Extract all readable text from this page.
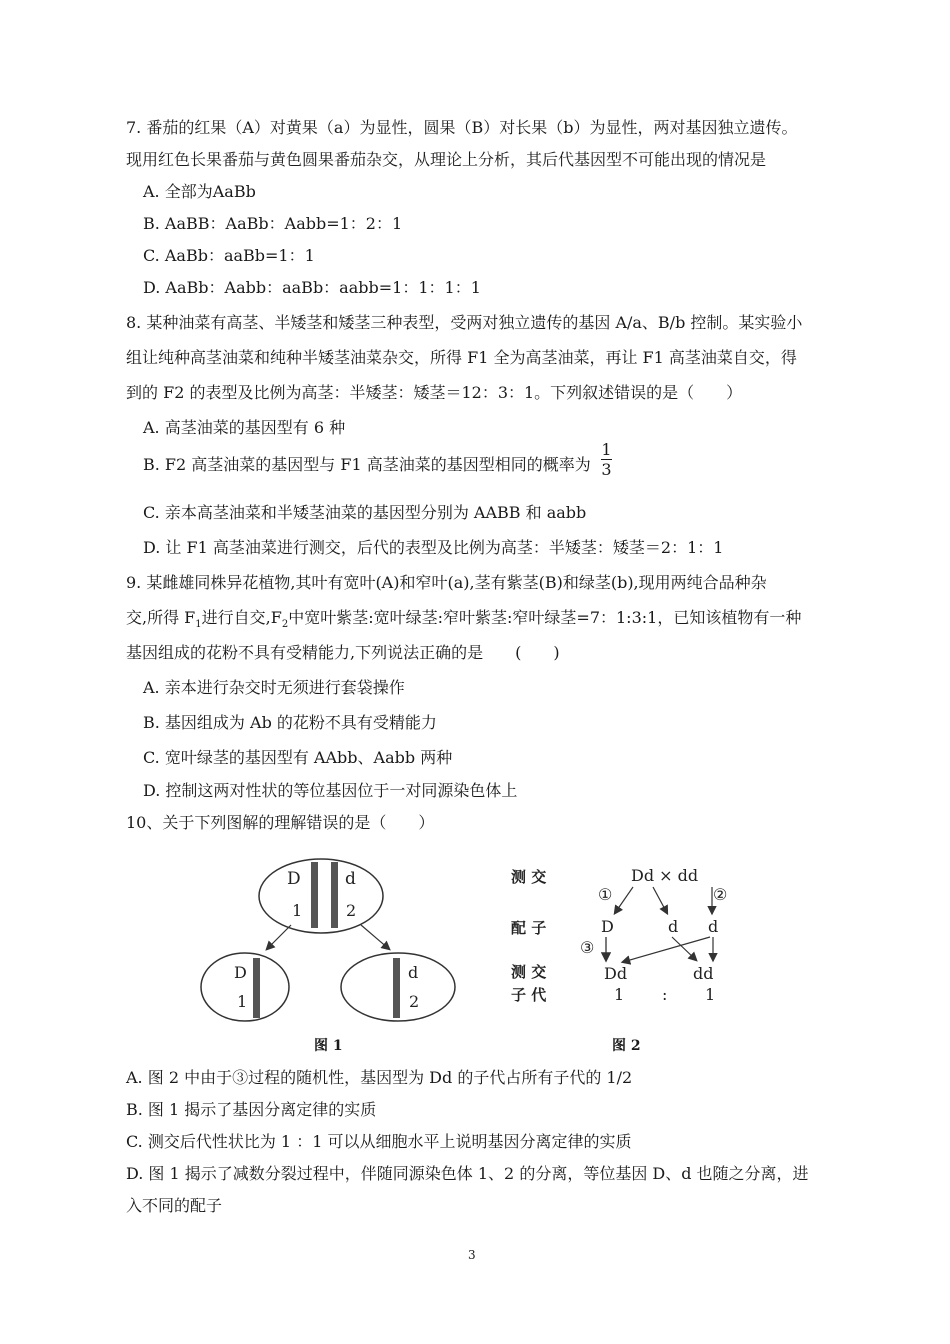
7. 番茄的红果（A）对黄果（a）为显性，圆果（B）对长果（b）为显性，两对基因独立遗传。
现用红色长果番茄与黄色圆果番茄杂交，从理论上分析，其后代基因型不可能出现的情况是
A. 全部为AaBb
B. AaBB：AaBb：Aabb=1：2：1
C. AaBb：aaBb=1：1
D. AaBb：Aabb：aaBb：aabb=1：1：1：1
8. 某种油菜有高茎、半矮茎和矮茎三种表型，受两对独立遗传的基因 A/a、B/b 控制。某实验小
组让纯种高茎油菜和纯种半矮茎油菜杂交，所得 F1 全为高茎油菜，再让 F1 高茎油菜自交，得
到的 F2 的表型及比例为高茎：半矮茎：矮茎＝12：3：1。下列叙述错误的是（　　）
A. 高茎油菜的基因型有 6 种
B. F2 高茎油菜的基因型与 F1 高茎油菜的基因型相同的概率为
1
3
C. 亲本高茎油菜和半矮茎油菜的基因型分别为 AABB 和 aabb
D. 让 F1 高茎油菜进行测交，后代的表型及比例为高茎：半矮茎：矮茎＝2：1：1
9. 某雌雄同株异花植物,其叶有宽叶(A)和窄叶(a),茎有紫茎(B)和绿茎(b),现用两纯合品种杂
交,所得 $F_1$进行自交$,F_2$中宽叶紫茎:宽叶绿茎:窄叶紫茎:窄叶绿茎=7：1:3:1，已知该植物有一种
基因组成的花粉不具有受精能力,下列说法正确的是　　(　　)
A. 亲本进行杂交时无须进行套袋操作
B. 基因组成为 Ab 的花粉不具有受精能力
C. 宽叶绿茎的基因型有 AAbb、Aabb 两种
D. 控制这两对性状的等位基因位于一对同源染色体上
10、关于下列图解的理解错误的是（　　）
D	d
1	2
D
1
d
2
图 1
测 交	Dd × dd
①	②
配 子	D	d d
③
测 交
子 代
Dd	dd
1 : 1
图 2
A. 图 2 中由于③过程的随机性，基因型为 Dd 的子代占所有子代的 1/2
B. 图 1 揭示了基因分离定律的实质
C. 测交后代性状比为 1 ：1 可以从细胞水平上说明基因分离定律的实质
D. 图 1 揭示了减数分裂过程中，伴随同源染色体 1、2 的分离，等位基因 D、d 也随之分离，进
入不同的配子
3
